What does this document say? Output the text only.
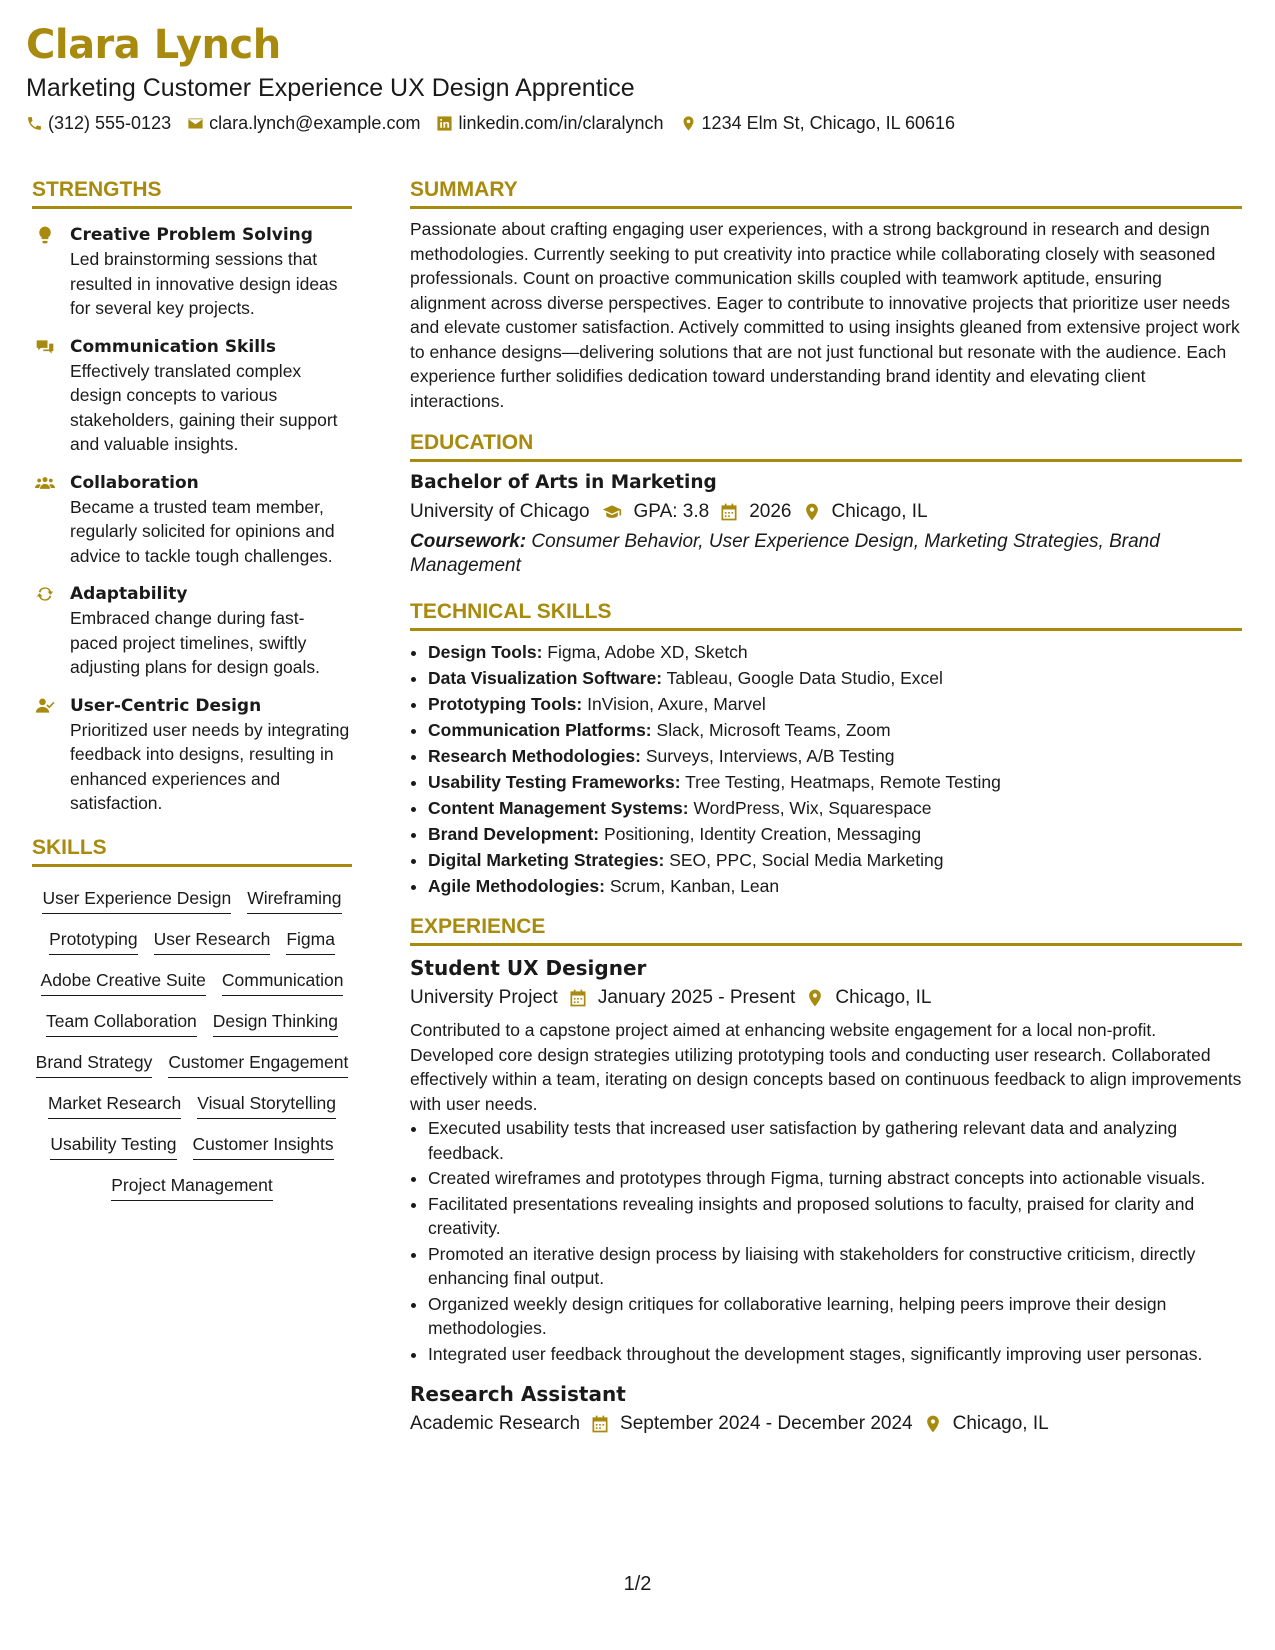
Clara Lynch
Marketing Customer Experience UX Design Apprentice
(312) 555-0123 clara.lynch@example.com linkedin.com/in/claralynch 1234 Elm St, Chicago, IL 60616
STRENGTHS
Creative Problem Solving
Led brainstorming sessions that resulted in innovative design ideas for several key projects.
Communication Skills
Effectively translated complex design concepts to various stakeholders, gaining their support and valuable insights.
Collaboration
Became a trusted team member, regularly solicited for opinions and advice to tackle tough challenges.
Adaptability
Embraced change during fast-paced project timelines, swiftly adjusting plans for design goals.
User-Centric Design
Prioritized user needs by integrating feedback into designs, resulting in enhanced experiences and satisfaction.
SKILLS
User Experience Design Wireframing
Prototyping User Research Figma
Adobe Creative Suite Communication
Team Collaboration Design Thinking
Brand Strategy Customer Engagement
Market Research Visual Storytelling
Usability Testing Customer Insights
Project Management
SUMMARY

Passionate about crafting engaging user experiences, with a strong background in research and design methodologies. Currently seeking to put creativity into practice while collaborating closely with seasoned professionals. Count on proactive communication skills coupled with teamwork aptitude, ensuring alignment across diverse perspectives. Eager to contribute to innovative projects that prioritize user needs and elevate customer satisfaction. Actively committed to using insights gleaned from extensive project work to enhance designs—delivering solutions that are not just functional but resonate with the audience. Each experience further solidifies dedication toward understanding brand identity and elevating client interactions.

EDUCATION
Bachelor of Arts in Marketing
University of Chicago GPA: 3.8 2026 Chicago, IL
Coursework: Consumer Behavior, User Experience Design, Marketing Strategies, Brand Management
TECHNICAL SKILLS
• Design Tools: Figma, Adobe XD, Sketch
• Data Visualization Software: Tableau, Google Data Studio, Excel
• Prototyping Tools: InVision, Axure, Marvel
• Communication Platforms: Slack, Microsoft Teams, Zoom
• Research Methodologies: Surveys, Interviews, A/B Testing
• Usability Testing Frameworks: Tree Testing, Heatmaps, Remote Testing
• Content Management Systems: WordPress, Wix, Squarespace
• Brand Development: Positioning, Identity Creation, Messaging
• Digital Marketing Strategies: SEO, PPC, Social Media Marketing
• Agile Methodologies: Scrum, Kanban, Lean
EXPERIENCE
Student UX Designer
University Project January 2025 - Present Chicago, IL
Contributed to a capstone project aimed at enhancing website engagement for a local non-profit. Developed core design strategies utilizing prototyping tools and conducting user research. Collaborated effectively within a team, iterating on design concepts based on continuous feedback to align improvements with user needs.
• Executed usability tests that increased user satisfaction by gathering relevant data and analyzing feedback.
• Created wireframes and prototypes through Figma, turning abstract concepts into actionable visuals.
• Facilitated presentations revealing insights and proposed solutions to faculty, praised for clarity and creativity.
• Promoted an iterative design process by liaising with stakeholders for constructive criticism, directly enhancing final output.
• Organized weekly design critiques for collaborative learning, helping peers improve their design methodologies.
• Integrated user feedback throughout the development stages, significantly improving user personas.
Research Assistant
Academic Research September 2024 - December 2024 Chicago, IL
1/2
